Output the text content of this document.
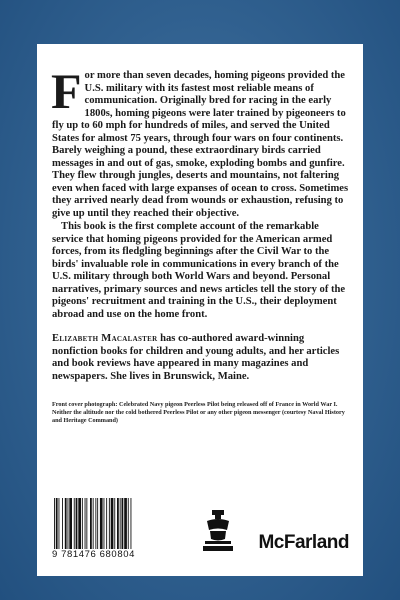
For more than seven decades, homing pigeons provided the U.S. military with its fastest most reliable means of communication. Originally bred for racing in the early 1800s, homing pigeons were later trained by pigeoneers to fly up to 60 mph for hundreds of miles, and served the United States for almost 75 years, through four wars on four continents. Barely weighing a pound, these extraordinary birds carried messages in and out of gas, smoke, exploding bombs and gunfire. They flew through jungles, deserts and mountains, not faltering even when faced with large expanses of ocean to cross. Sometimes they arrived nearly dead from wounds or exhaustion, refusing to give up until they reached their objective.

This book is the first complete account of the remarkable service that homing pigeons provided for the American armed forces, from its fledgling beginnings after the Civil War to the birds' invaluable role in communications in every branch of the U.S. military through both World Wars and beyond. Personal narratives, primary sources and news articles tell the story of the pigeons' recruitment and training in the U.S., their deployment abroad and use on the home front.

Elizabeth Macalaster has co-authored award-winning nonfiction books for children and young adults, and her articles and book reviews have appeared in many magazines and newspapers. She lives in Brunswick, Maine.
Front cover photograph: Celebrated Navy pigeon Peerless Pilot being released off of France in World War I. Neither the altitude nor the cold bothered Peerless Pilot or any other pigeon messenger (courtesy Naval History and Heritage Command)
9 781476 680804
McFarland
